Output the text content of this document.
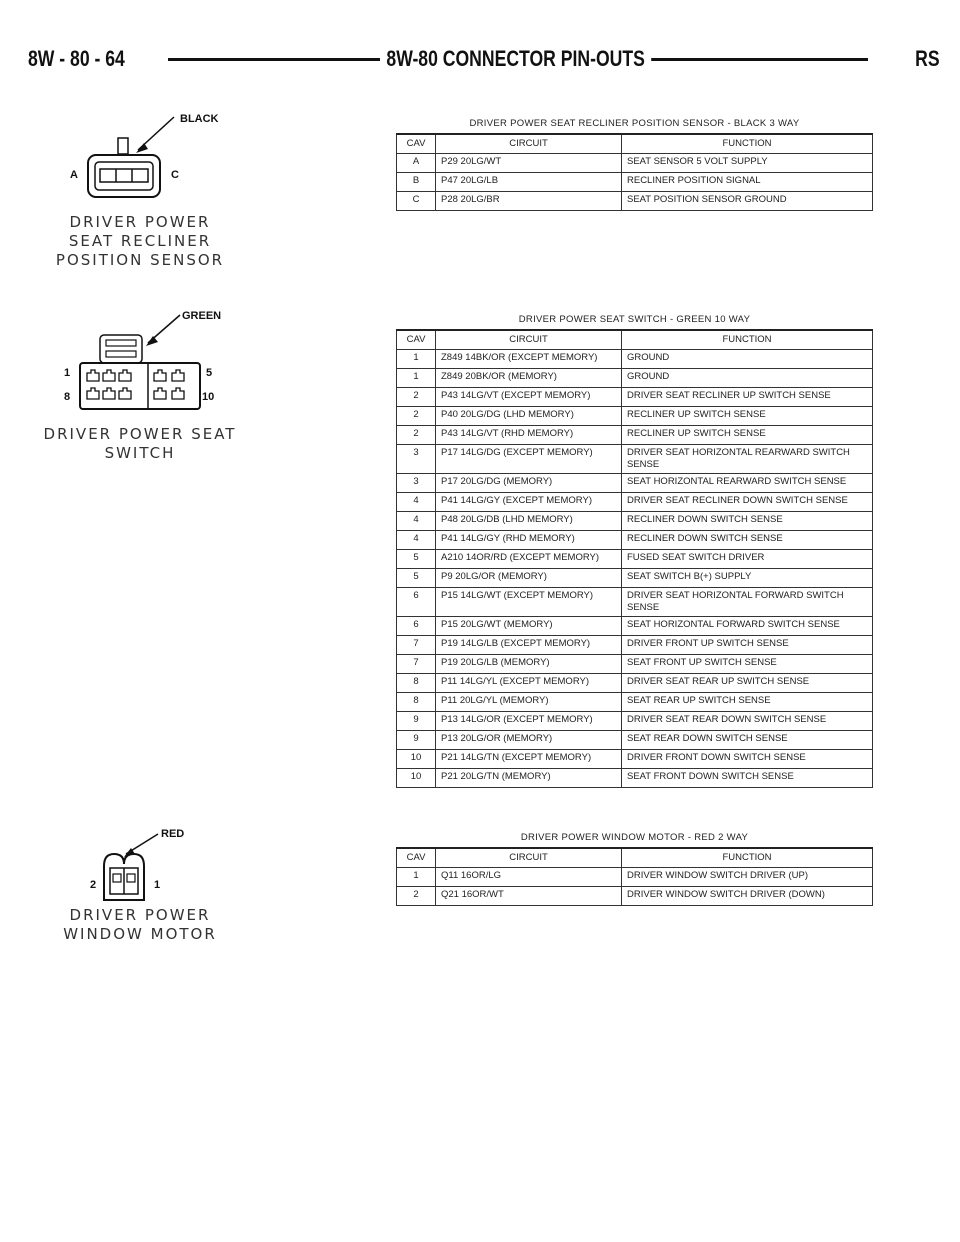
8W - 80 - 64	8W-80 CONNECTOR PIN-OUTS	RS
BLACK
A	C
DRIVER POWER
SEAT RECLINER
POSITION SENSOR
DRIVER POWER SEAT RECLINER POSITION SENSOR - BLACK 3 WAY
CAV	CIRCUIT	FUNCTION
A	P29 20LG/WT	SEAT SENSOR 5 VOLT SUPPLY
B	P47 20LG/LB	RECLINER POSITION SIGNAL
C	P28 20LG/BR	SEAT POSITION SENSOR GROUND
GREEN
1	5
8	10
DRIVER POWER SEAT
SWITCH
DRIVER POWER SEAT SWITCH - GREEN 10 WAY
CAV	CIRCUIT	FUNCTION
1	Z849 14BK/OR (EXCEPT MEMORY)	GROUND
1	Z849 20BK/OR (MEMORY)	GROUND
2	P43 14LG/VT (EXCEPT MEMORY)	DRIVER SEAT RECLINER UP SWITCH SENSE
2	P40 20LG/DG (LHD MEMORY)	RECLINER UP SWITCH SENSE
2	P43 14LG/VT (RHD MEMORY)	RECLINER UP SWITCH SENSE
3	P17 14LG/DG (EXCEPT MEMORY)	DRIVER SEAT HORIZONTAL REARWARD SWITCH SENSE
3	P17 20LG/DG (MEMORY)	SEAT HORIZONTAL REARWARD SWITCH SENSE
4	P41 14LG/GY (EXCEPT MEMORY)	DRIVER SEAT RECLINER DOWN SWITCH SENSE
4	P48 20LG/DB (LHD MEMORY)	RECLINER DOWN SWITCH SENSE
4	P41 14LG/GY (RHD MEMORY)	RECLINER DOWN SWITCH SENSE
5	A210 14OR/RD (EXCEPT MEMORY)	FUSED SEAT SWITCH DRIVER
5	P9 20LG/OR (MEMORY)	SEAT SWITCH B(+) SUPPLY
6	P15 14LG/WT (EXCEPT MEMORY)	DRIVER SEAT HORIZONTAL FORWARD SWITCH SENSE
6	P15 20LG/WT (MEMORY)	SEAT HORIZONTAL FORWARD SWITCH SENSE
7	P19 14LG/LB (EXCEPT MEMORY)	DRIVER FRONT UP SWITCH SENSE
7	P19 20LG/LB (MEMORY)	SEAT FRONT UP SWITCH SENSE
8	P11 14LG/YL (EXCEPT MEMORY)	DRIVER SEAT REAR UP SWITCH SENSE
8	P11 20LG/YL (MEMORY)	SEAT REAR UP SWITCH SENSE
9	P13 14LG/OR (EXCEPT MEMORY)	DRIVER SEAT REAR DOWN SWITCH SENSE
9	P13 20LG/OR (MEMORY)	SEAT REAR DOWN SWITCH SENSE
10	P21 14LG/TN (EXCEPT MEMORY)	DRIVER FRONT DOWN SWITCH SENSE
10	P21 20LG/TN (MEMORY)	SEAT FRONT DOWN SWITCH SENSE
RED
2	1
DRIVER POWER
WINDOW MOTOR
DRIVER POWER WINDOW MOTOR - RED 2 WAY
CAV	CIRCUIT	FUNCTION
1	Q11 16OR/LG	DRIVER WINDOW SWITCH DRIVER (UP)
2	Q21 16OR/WT	DRIVER WINDOW SWITCH DRIVER (DOWN)
